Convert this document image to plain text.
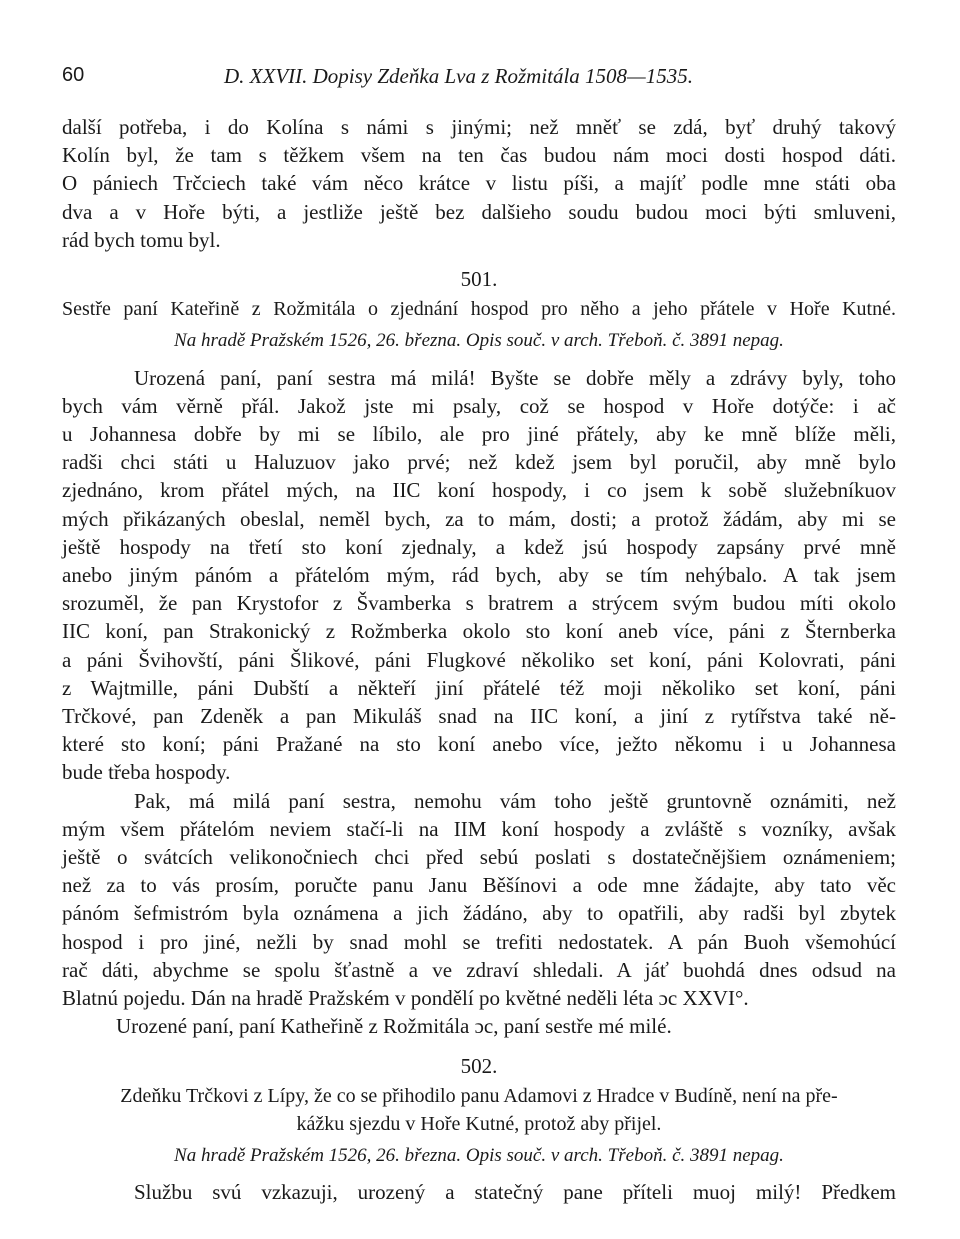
60	D. XXVII. Dopisy Zdeňka Lva z Rožmitála 1508—1535.
další potřeba, i do Kolína s námi s jinými; než mněť se zdá, byť druhý takový
Kolín byl, že tam s těžkem všem na ten čas budou nám moci dosti hospod dáti.
O pániech Trčciech také vám něco krátce v listu píši, a majíť podle mne státi oba
dva a v Hoře býti, a jestliže ještě bez dalšieho soudu budou moci býti smluveni,
rád bych tomu byl.
501.
Sestře paní Kateřině z Rožmitála o zjednání hospod pro něho a jeho přátele v Hoře Kutné.
Na hradě Pražském 1526, 26. března. Opis souč. v arch. Třeboň. č. 3891 nepag.
Urozená paní, paní sestra má milá! Byšte se dobře měly a zdrávy byly, toho
bych vám věrně přál. Jakož jste mi psaly, což se hospod v Hoře dotýče: i ač
u Johannesa dobře by mi se líbilo, ale pro jiné přátely, aby ke mně blíže měli,
radši chci státi u Haluzuov jako prvé; než kdež jsem byl poručil, aby mně bylo
zjednáno, krom přátel mých, na IIC koní hospody, i co jsem k sobě služebníkuov
mých přikázaných obeslal, neměl bych, za to mám, dosti; a protož žádám, aby mi se
ještě hospody na třetí sto koní zjednaly, a kdež jsú hospody zapsány prvé mně
anebo jiným pánóm a přátelóm mým, rád bych, aby se tím nehýbalo. A tak jsem
srozuměl, že pan Krystofor z Švamberka s bratrem a strýcem svým budou míti okolo
IIC koní, pan Strakonický z Rožmberka okolo sto koní aneb více, páni z Šternberka
a páni Švihovští, páni Šlikové, páni Flugkové několiko set koní, páni Kolovrati, páni
z Wajtmille, páni Dubští a někteří jiní přátelé též moji několiko set koní, páni
Trčkové, pan Zdeněk a pan Mikuláš snad na IIC koní, a jiní z rytířstva také ně-
které sto koní; páni Pražané na sto koní anebo více, ježto někomu i u Johannesa
bude třeba hospody.
Pak, má milá paní sestra, nemohu vám toho ještě gruntovně oznámiti, než
mým všem přátelóm neviem stačí-li na IIM koní hospody a zvláště s vozníky, avšak
ještě o svátcích velikonočniech chci před sebú poslati s dostatečnějšiem oznámeniem;
než za to vás prosím, poručte panu Janu Běšínovi a ode mne žádajte, aby tato věc
pánóm šefmistróm byla oznámena a jich žádáno, aby to opatřili, aby radši byl zbytek
hospod i pro jiné, nežli by snad mohl se trefiti nedostatek. A pán Buoh všemohúcí
rač dáti, abychme se spolu šťastně a ve zdraví shledali. A jáť buohdá dnes odsud na
Blatnú pojedu. Dán na hradě Pražském v pondělí po květné neděli léta ɔc XXVI°.
Urozené paní, paní Katheřině z Rožmitála ɔc, paní sestře mé milé.
502.
Zdeňku Trčkovi z Lípy, že co se přihodilo panu Adamovi z Hradce v Budíně, není na pře-
kážku sjezdu v Hoře Kutné, protož aby přijel.
Na hradě Pražském 1526, 26. března. Opis souč. v arch. Třeboň. č. 3891 nepag.
Službu svú vzkazuji, urozený a statečný pane příteli muoj milý! Předkem
